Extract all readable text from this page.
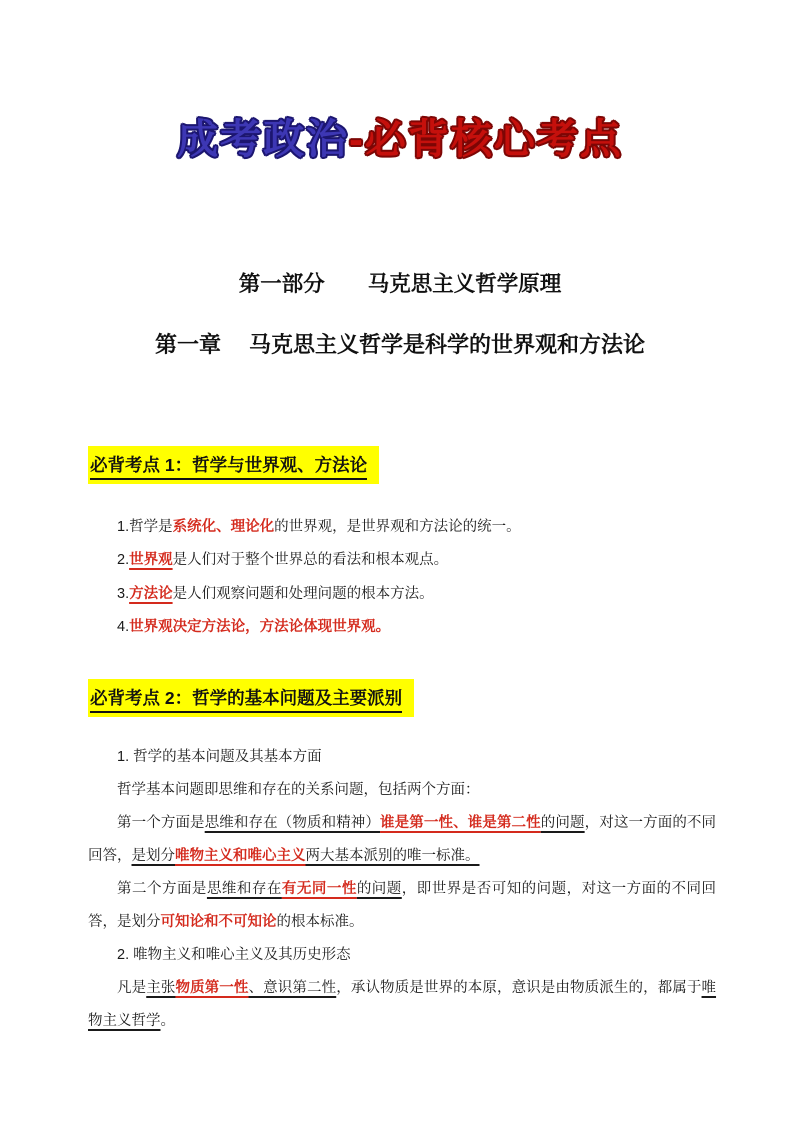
成考政治-必背核心考点
第一部分　　马克思主义哲学原理
第一章　 马克思主义哲学是科学的世界观和方法论
必背考点 1：哲学与世界观、方法论
1.哲学是系统化、理论化的世界观，是世界观和方法论的统一。
2.世界观是人们对于整个世界总的看法和根本观点。
3.方法论是人们观察问题和处理问题的根本方法。
4.世界观决定方法论，方法论体现世界观。
必背考点 2：哲学的基本问题及主要派别

1. 哲学的基本问题及其基本方面

哲学基本问题即思维和存在的关系问题，包括两个方面：

第一个方面是思维和存在（物质和精神）谁是第一性、谁是第二性的问题，对这一方面的不同回答，是划分唯物主义和唯心主义两大基本派别的唯一标准。

第二个方面是思维和存在有无同一性的问题，即世界是否可知的问题，对这一方面的不同回答，是划分可知论和不可知论的根本标准。

2. 唯物主义和唯心主义及其历史形态

凡是主张物质第一性、意识第二性，承认物质是世界的本原，意识是由物质派生的，都属于唯物主义哲学。
